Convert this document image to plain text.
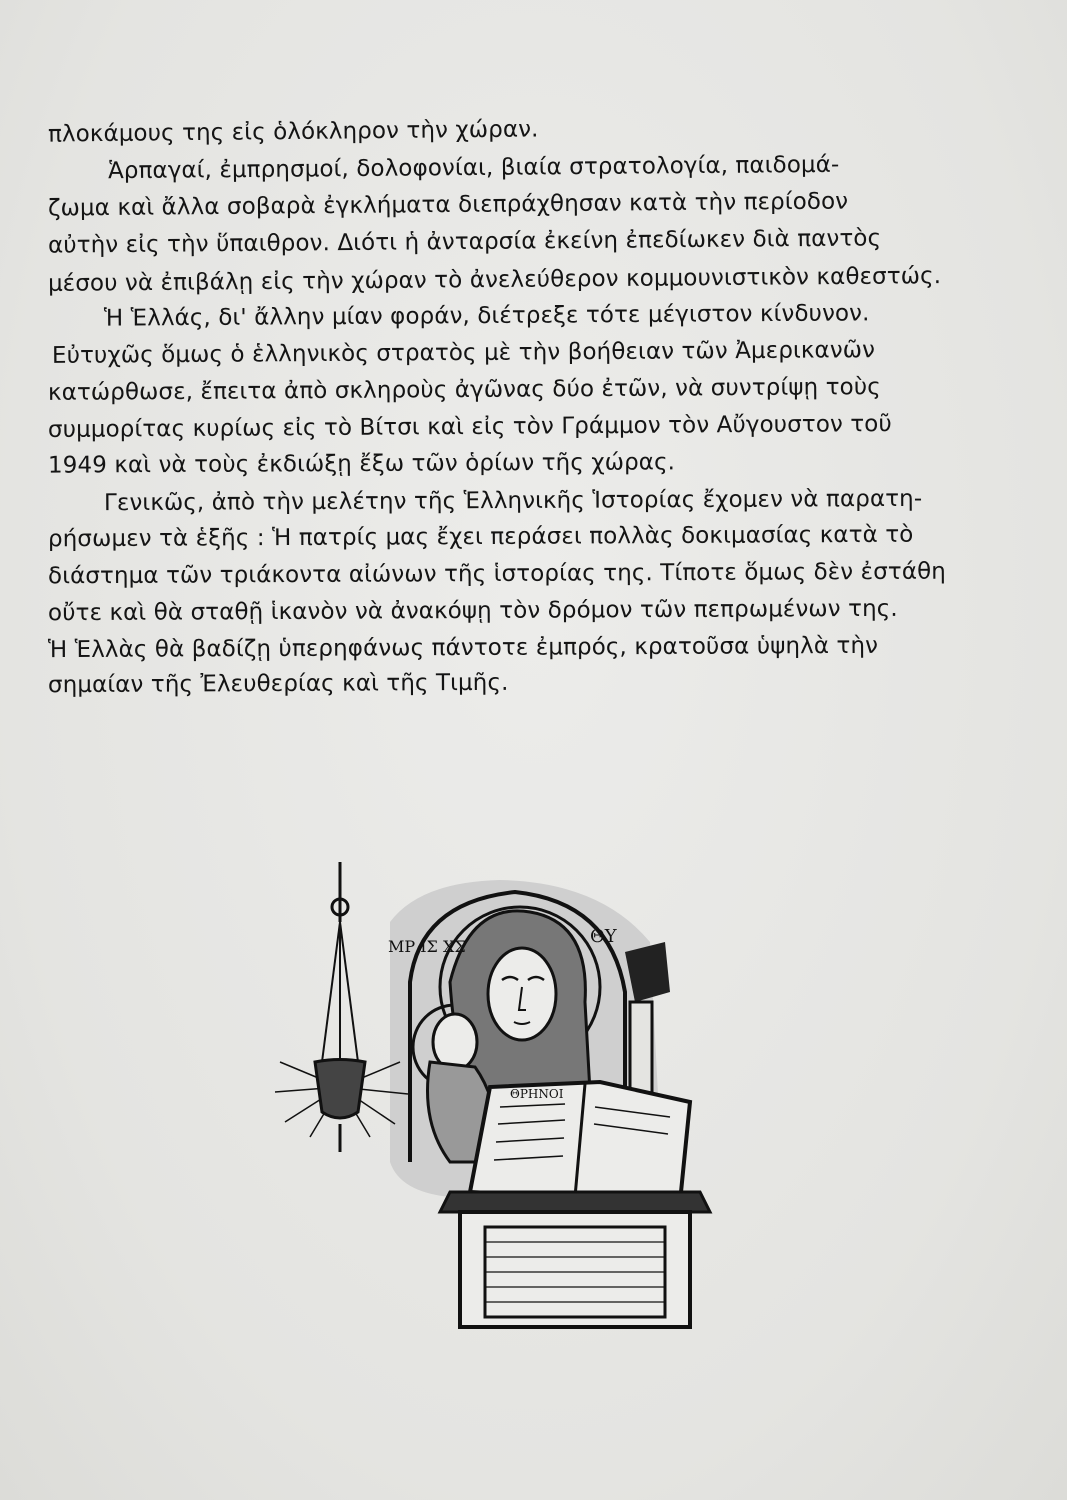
πλοκάμους της εἰς ὁλόκληρον τὴν χώραν.
Ἁρπαγαί, ἐμπρησμοί, δολοφονίαι, βιαία στρατολογία, παιδομά-
ζωμα καὶ ἄλλα σοβαρὰ ἐγκλήματα διεπράχθησαν κατὰ τὴν περίοδον
αὐτὴν εἰς τὴν ὕπαιθρον. Διότι ἡ ἀνταρσία ἐκείνη ἐπεδίωκεν διὰ παντὸς
μέσου νὰ ἐπιβάλῃ εἰς τὴν χώραν τὸ ἀνελεύθερον κομμουνιστικὸν καθεστώς.
Ἡ Ἑλλάς, δι' ἄλλην μίαν φοράν, διέτρεξε τότε μέγιστον κίνδυνον.
Εὐτυχῶς ὅμως ὁ ἑλληνικὸς στρατὸς μὲ τὴν βοήθειαν τῶν Ἀμερικανῶν
κατώρθωσε, ἔπειτα ἀπὸ σκληροὺς ἀγῶνας δύο ἐτῶν, νὰ συντρίψῃ τοὺς
συμμορίτας κυρίως εἰς τὸ Βίτσι καὶ εἰς τὸν Γράμμον τὸν Αὔγουστον τοῦ
1949 καὶ νὰ τοὺς ἐκδιώξῃ ἔξω τῶν ὁρίων τῆς χώρας.
Γενικῶς, ἀπὸ τὴν μελέτην τῆς Ἑλληνικῆς Ἱστορίας ἔχομεν νὰ παρατη-
ρήσωμεν τὰ ἑξῆς : Ἡ πατρίς μας ἔχει περάσει πολλὰς δοκιμασίας κατὰ τὸ
διάστημα τῶν τριάκοντα αἰώνων τῆς ἱστορίας της. Τίποτε ὅμως δὲν ἐστάθη
οὔτε καὶ θὰ σταθῇ ἱκανὸν νὰ ἀνακόψῃ τὸν δρόμον τῶν πεπρωμένων της.
Ἡ Ἑλλὰς θὰ βαδίζῃ ὑπερηφάνως πάντοτε ἐμπρός, κρατοῦσα ὑψηλὰ τὴν
σημαίαν τῆς Ἐλευθερίας καὶ τῆς Τιμῆς.
ΜΡ ΙΣ ΧΣ	ΘΥ
ΘΡΗΝΟΙ
